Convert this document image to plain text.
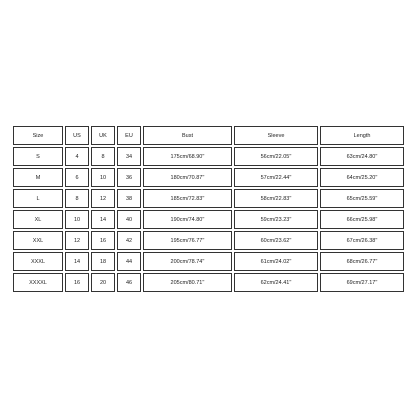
Size	US	UK	EU	Bust	Sleeve	Length
S	4	8	34	175cm/68.90''	56cm/22.05''	63cm/24.80''
M	6	10	36	180cm/70.87''	57cm/22.44''	64cm/25.20''
L	8	12	38	185cm/72.83''	58cm/22.83''	65cm/25.59''
XL	10	14	40	190cm/74.80''	59cm/23.23''	66cm/25.98''
XXL	12	16	42	195cm/76.77''	60cm/23.62''	67cm/26.38''
XXXL	14	18	44	200cm/78.74''	61cm/24.02''	68cm/26.77''
XXXXL	16	20	46	205cm/80.71''	62cm/24.41''	69cm/27.17''
